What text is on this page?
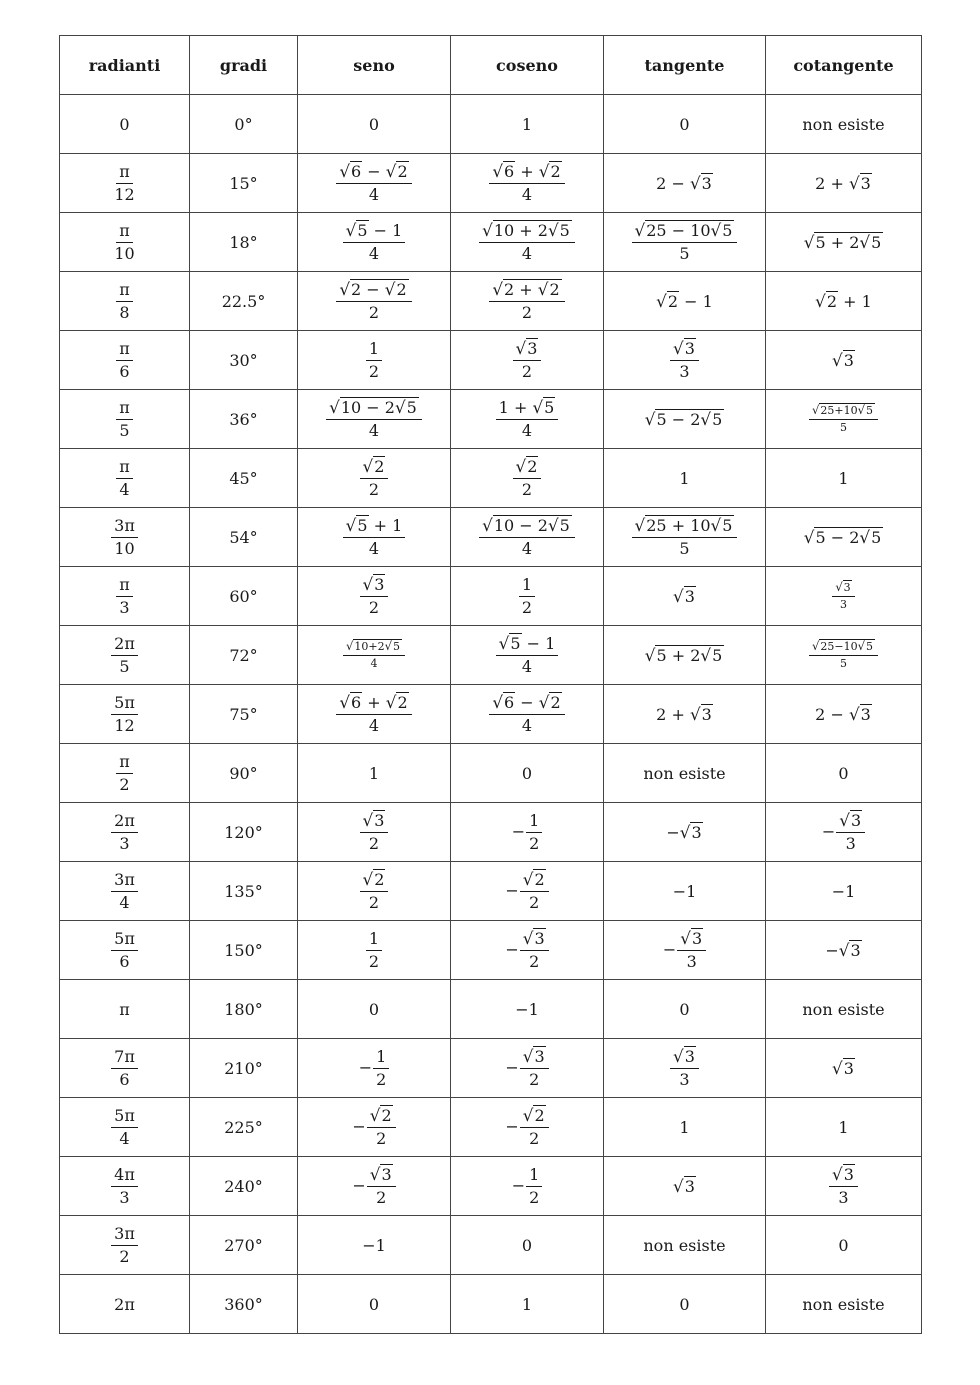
radianti	gradi	seno	coseno	tangente	cotangente
0	0°	0	1	0	non esiste

$\frac{\pi}{12}$	15°	$\frac{√6 - √2}{4}$	$\frac{√6 + √2}{4}$	2 − √3	2 + √3

$\frac{\pi}{10}$	18°	$\frac{√5 - 1}{4}$	$\frac{√10 + 2√5}{4}$	$\frac{√25 - 10√5}{5}$	√5 + 2√5

$\frac{\pi}{8}$	22.5°	$\frac{√2 - √2}{2}$	$\frac{√2 + √2}{2}$	√2 − 1	√2 + 1

$\frac{\pi}{6}$	30°	$\frac{1}{2}$	$\frac{√3}{2}$	$\frac{√3}{3}$	√3

$\frac{\pi}{5}$	36°	$\frac{√10 - 2√5}{4}$	$\frac{1 + √5}{4}$	√5 − 2√5	$\frac{√25+10√5}{5}$

$\frac{\pi}{4}$	45°	$\frac{√2}{2}$	$\frac{√2}{2}$	1	1

$\frac{3\pi}{10}$	54°	$\frac{√5 + 1}{4}$	$\frac{√10 - 2√5}{4}$	$\frac{√25 + 10√5}{5}$	√5 − 2√5

$\frac{\pi}{3}$	60°	$\frac{√3}{2}$	$\frac{1}{2}$	√3	$\frac{√3}{3}$

$\frac{2\pi}{5}$	72°	$\frac{√10+2√5}{4}$	$\frac{√5 - 1}{4}$	√5 + 2√5	$\frac{√25-10√5}{5}$

$\frac{5\pi}{12}$	75°	$\frac{√6 + √2}{4}$	$\frac{√6 - √2}{4}$	2 + √3	2 − √3

$\frac{\pi}{2}$	90°	1	0	non esiste	0

$\frac{2\pi}{3}$	120°	$\frac{√3}{2}$	− $\frac{1}{2}$	−√3	− $\frac{√3}{3}$

$\frac{3\pi}{4}$	135°	$\frac{√2}{2}$	− $\frac{√2}{2}$	−1	−1

$\frac{5\pi}{6}$	150°	$\frac{1}{2}$	− $\frac{√3}{2}$	− $\frac{√3}{3}$	−√3
π	180°	0	−1	0	non esiste

$\frac{7\pi}{6}$	210°	− $\frac{1}{2}$	− $\frac{√3}{2}$	$\frac{√3}{3}$	√3

$\frac{5\pi}{4}$	225°	− $\frac{√2}{2}$	− $\frac{√2}{2}$	1	1

$\frac{4\pi}{3}$	240°	− $\frac{√3}{2}$	− $\frac{1}{2}$	√3	$\frac{√3}{3}$

$\frac{3\pi}{2}$	270°	−1	0	non esiste	0
2π	360°	0	1	0	non esiste
